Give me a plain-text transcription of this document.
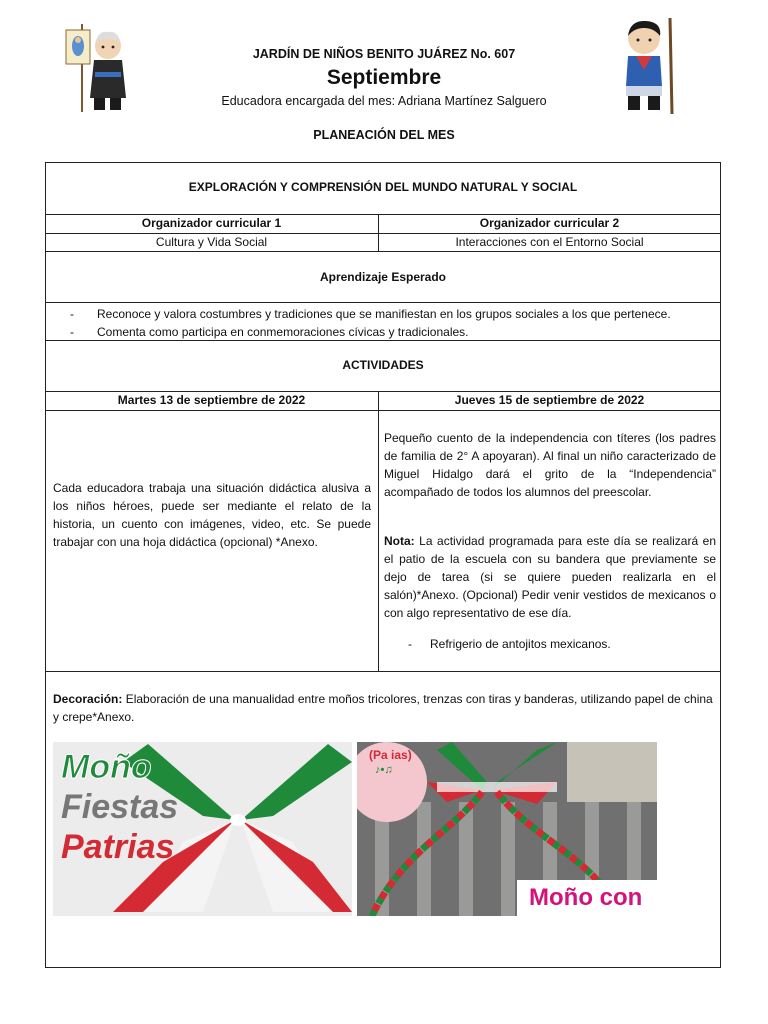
JARDÍN DE NIÑOS BENITO JUÁREZ No. 607
Septiembre
Educadora encargada del mes: Adriana Martínez Salguero
PLANEACIÓN DEL MES
EXPLORACIÓN Y COMPRENSIÓN DEL MUNDO NATURAL Y SOCIAL
Organizador curricular 1	Organizador curricular 2
Cultura y Vida Social	Interacciones con el Entorno Social
Aprendizaje Esperado
-	Reconoce y valora costumbres y tradiciones que se manifiestan en los grupos sociales a los que pertenece.
-	Comenta como participa en conmemoraciones cívicas y tradicionales.
ACTIVIDADES
Martes 13 de septiembre de 2022	Jueves 15 de septiembre de 2022
Cada educadora trabaja una situación didáctica alusiva a los niños héroes, puede ser mediante el relato de la historia, un cuento con imágenes, video, etc. Se puede trabajar con una hoja didáctica (opcional) *Anexo.
Pequeño cuento de la independencia con títeres (los padres de familia de 2° A apoyaran). Al final un niño caracterizado de Miguel Hidalgo dará el grito de la “Independencia” acompañado de todos los alumnos del preescolar.
Nota: La actividad programada para este día se realizará en el patio de la escuela con su bandera que previamente se dejo de tarea (si se quiere pueden realizarla en el salón)*Anexo. (Opcional) Pedir venir vestidos de mexicanos o con algo representativo de ese día.
-	Refrigerio de antojitos mexicanos.
Decoración: Elaboración de una manualidad entre moños tricolores, trenzas con tiras y banderas, utilizando papel de china y crepe*Anexo.
Moño
Fiestas
Patrias
(Pa ias)
♪•♫
Moño con
